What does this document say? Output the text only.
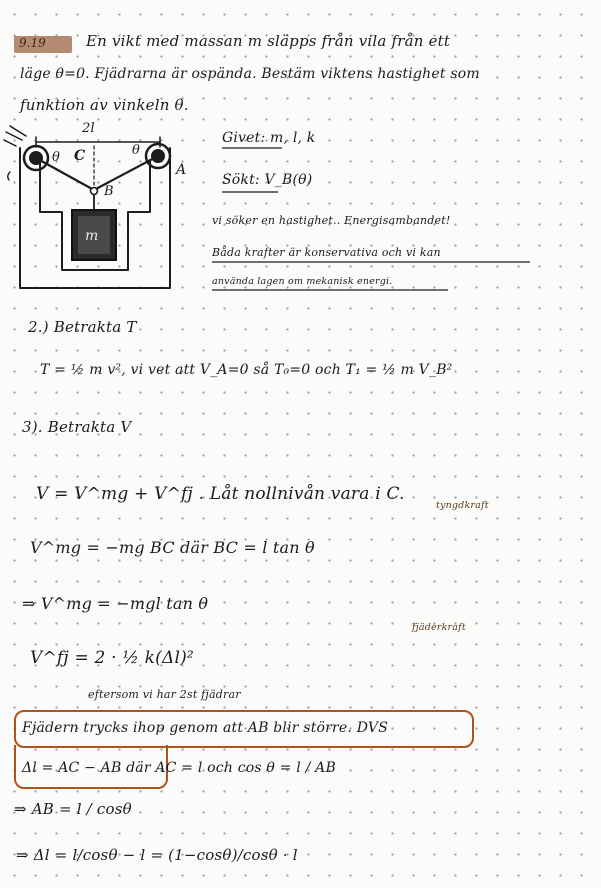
9.19	En vikt med massan m släpps från vila från ett
läge θ=0. Fjädrarna är ospända. Bestäm viktens hastighet som
funktion av vinkeln θ.
2l
C
θ	θ
A
B
m
Givet: m, l, k
Sökt: V_B(θ)
vi söker en hastighet.. Energisambandet!
Båda krafter är konservativa och vi kan
använda lagen om mekanisk energi.
2.) Betrakta T
T = ½ m v², vi vet att V_A=0 så T₀=0 och T₁ = ½ m V_B²
3). Betrakta V
V = V^mg + V^fj . Låt nollnivån vara i C.
tyngdkraft
V^mg = −mg BC där BC = l tan θ
⇒ V^mg = −mgl tan θ
fjäderkraft
V^fj = 2 · ½ k(Δl)²
eftersom vi har 2st fjädrar
Fjädern trycks ihop genom att AB blir större. DVS
Δl = AC − AB där AC = l och cos θ = l / AB
⇒ AB = l / cosθ
⇒ Δl = l/cosθ − l = (1−cosθ)/cosθ · l
